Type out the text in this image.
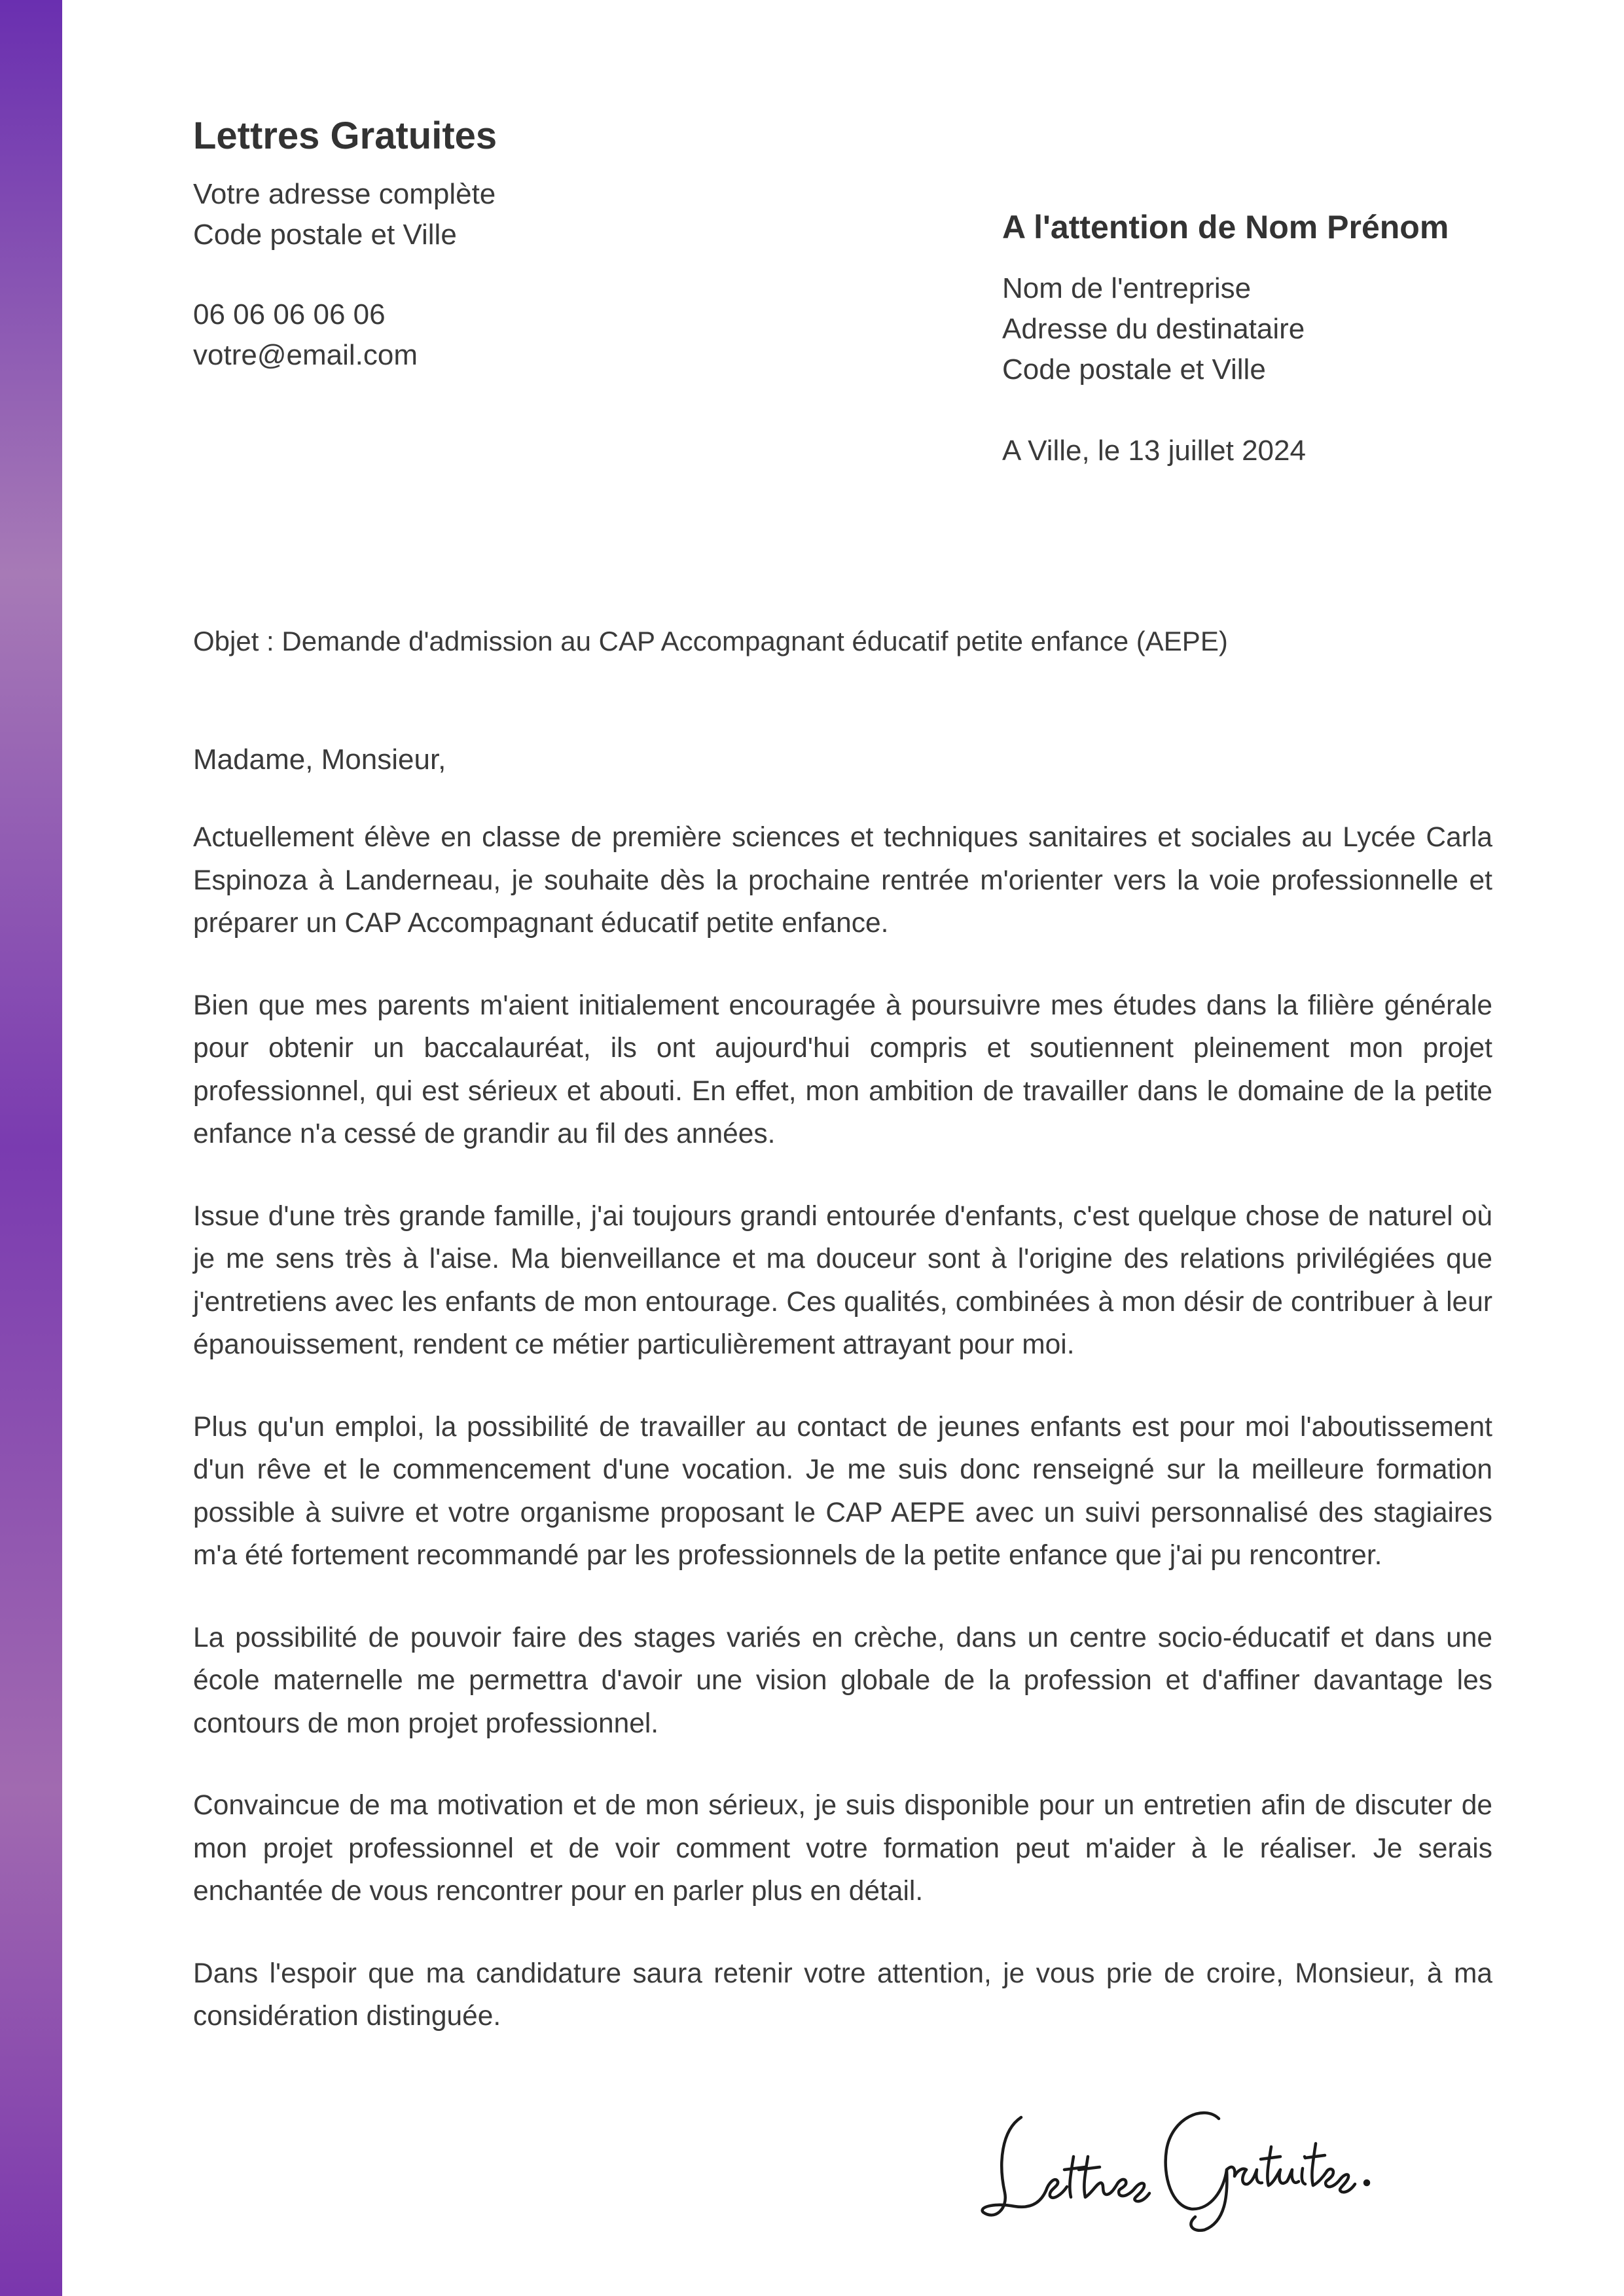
Lettres Gratuites
Votre adresse complète
Code postale et Ville
06 06 06 06 06
votre@email.com
A l'attention de Nom Prénom
Nom de l'entreprise
Adresse du destinataire
Code postale et Ville
A Ville, le 13 juillet 2024
Objet : Demande d'admission au CAP Accompagnant éducatif petite enfance (AEPE)
Madame, Monsieur,

Actuellement élève en classe de première sciences et techniques sanitaires et sociales au Lycée Carla Espinoza à Landerneau, je souhaite dès la prochaine rentrée m'orienter vers la voie professionnelle et préparer un CAP Accompagnant éducatif petite enfance.

Bien que mes parents m'aient initialement encouragée à poursuivre mes études dans la filière générale pour obtenir un baccalauréat, ils ont aujourd'hui compris et soutiennent pleinement mon projet professionnel, qui est sérieux et abouti. En effet, mon ambition de travailler dans le domaine de la petite enfance n'a cessé de grandir au fil des années.

Issue d'une très grande famille, j'ai toujours grandi entourée d'enfants, c'est quelque chose de naturel où je me sens très à l'aise. Ma bienveillance et ma douceur sont à l'origine des relations privilégiées que j'entretiens avec les enfants de mon entourage. Ces qualités, combinées à mon désir de contribuer à leur épanouissement, rendent ce métier particulièrement attrayant pour moi.

Plus qu'un emploi, la possibilité de travailler au contact de jeunes enfants est pour moi l'aboutissement d'un rêve et le commencement d'une vocation. Je me suis donc renseigné sur la meilleure formation possible à suivre et votre organisme proposant le CAP AEPE avec un suivi personnalisé des stagiaires m'a été fortement recommandé par les professionnels de la petite enfance que j'ai pu rencontrer.

La possibilité de pouvoir faire des stages variés en crèche, dans un centre socio-éducatif et dans une école maternelle me permettra d'avoir une vision globale de la profession et d'affiner davantage les contours de mon projet professionnel.

Convaincue de ma motivation et de mon sérieux, je suis disponible pour un entretien afin de discuter de mon projet professionnel et de voir comment votre formation peut m'aider à le réaliser. Je serais enchantée de vous rencontrer pour en parler plus en détail.

Dans l'espoir que ma candidature saura retenir votre attention, je vous prie de croire, Monsieur, à ma considération distinguée.
